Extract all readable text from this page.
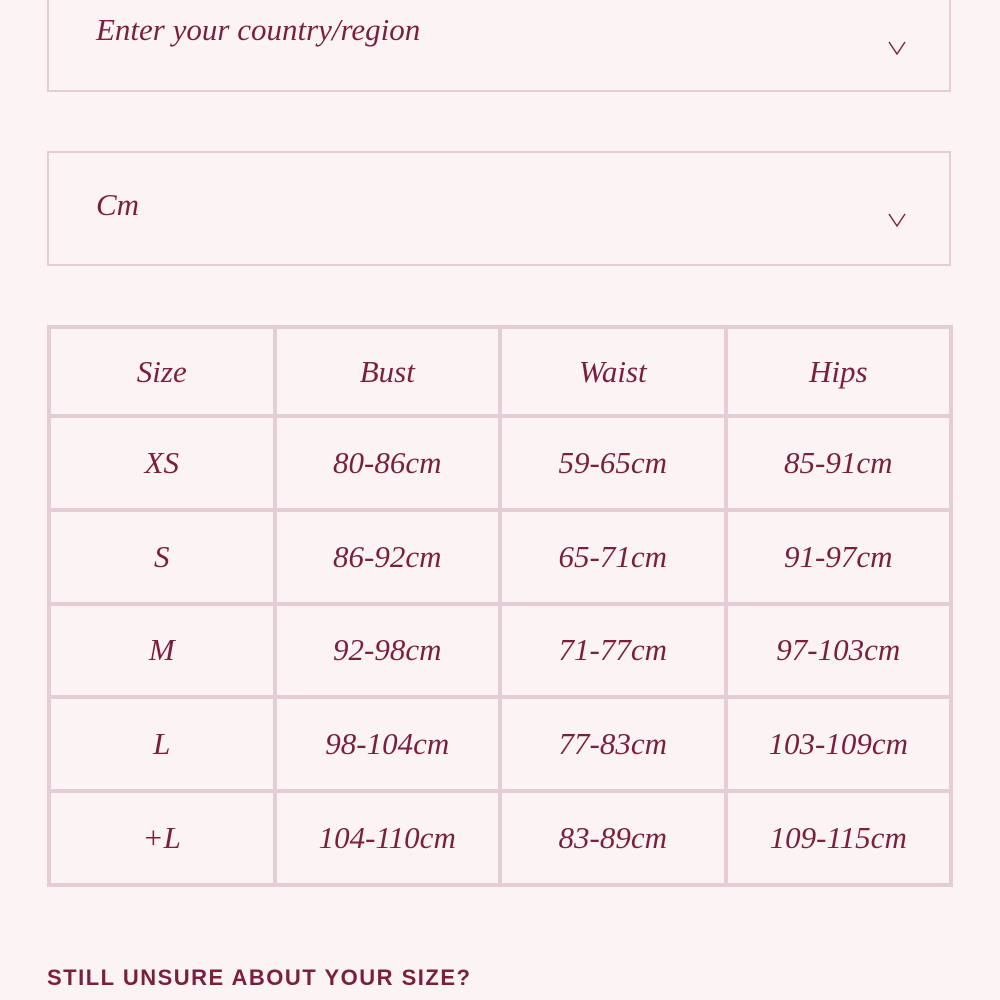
Enter your country/region
Cm
Size	Bust	Waist	Hips
XS	80-86cm	59-65cm	85-91cm
S	86-92cm	65-71cm	91-97cm
M	92-98cm	71-77cm	97-103cm
L	98-104cm	77-83cm	103-109cm
+L	104-110cm	83-89cm	109-115cm
STILL UNSURE ABOUT YOUR SIZE?
